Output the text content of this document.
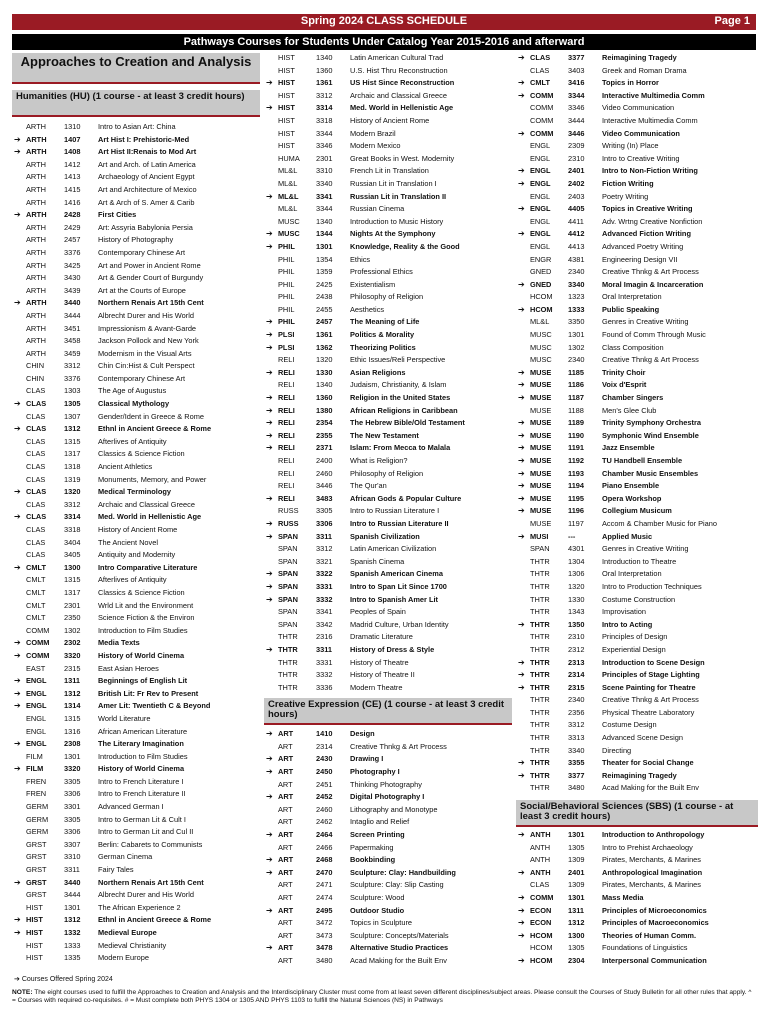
Spring 2024 CLASS SCHEDULE	Page 1
Pathways Courses for Students Under Catalog Year 2015-2016 and afterward
Approaches to Creation and Analysis
Humanities (HU) (1 course - at least 3 credit hours)
ARTH	1310	Intro to Asian Art: China
➔ ARTH	1407	Art Hist I: Prehistoric-Med
➔ ARTH	1408	Art Hist II:Renais to Mod Art
ARTH	1412	Art and Arch. of Latin America
ARTH	1413	Archaeology of Ancient Egypt
ARTH	1415	Art and Architecture of Mexico
ARTH	1416	Art & Arch of S. Amer & Carib
➔ ARTH	2428	First Cities
ARTH	2429	Art: Assyria Babylonia Persia
ARTH	2457	History of Photography
ARTH	3376	Contemporary Chinese Art
ARTH	3425	Art and Power in Ancient Rome
ARTH	3430	Art & Gender Court of Burgundy
ARTH	3439	Art at the Courts of Europe
➔ ARTH	3440	Northern Renais Art 15th Cent
ARTH	3444	Albrecht Durer and His World
ARTH	3451	Impressionism & Avant-Garde
ARTH	3458	Jackson Pollock and New York
ARTH	3459	Modernism in the Visual Arts
CHIN	3312	Chin Cin:Hist & Cult Perspect
CHIN	3376	Contemporary Chinese Art
CLAS	1303	The Age of Augustus
➔ CLAS	1305	Classical Mythology
CLAS	1307	Gender/Ident in Greece & Rome
➔ CLAS	1312	Ethnl in Ancient Greece & Rome
CLAS	1315	Afterlives of Antiquity
CLAS	1317	Classics & Science Fiction
CLAS	1318	Ancient Athletics
CLAS	1319	Monuments, Memory, and Power
➔ CLAS	1320	Medical Terminology
CLAS	3312	Archaic and Classical Greece
➔ CLAS	3314	Med. World in Hellenistic Age
CLAS	3318	History of Ancient Rome
CLAS	3404	The Ancient Novel
CLAS	3405	Antiquity and Modernity
➔ CMLT	1300	Intro Comparative Literature
CMLT	1315	Afterlives of Antiquity
CMLT	1317	Classics & Science Fiction
CMLT	2301	Wrld Lit and the Environment
CMLT	2350	Science Fiction & the Environ
COMM	1302	Introduction to Film Studies
➔ COMM	2302	Media Texts
➔ COMM	3320	History of World Cinema
EAST	2315	East Asian Heroes
➔ ENGL	1311	Beginnings of English Lit
➔ ENGL	1312	British Lit: Fr Rev to Present
➔ ENGL	1314	Amer Lit: Twentieth C & Beyond
ENGL	1315	World Literature
ENGL	1316	African American Literature
➔ ENGL	2308	The Literary Imagination
FILM	1301	Introduction to Film Studies
➔ FILM	3320	History of World Cinema
FREN	3305	Intro to French Literature I
FREN	3306	Intro to French Literature II
GERM	3301	Advanced German I
GERM	3305	Intro to German Lit & Cult I
GERM	3306	Intro to German Lit and Cul II
GRST	3307	Berlin: Cabarets to Communists
GRST	3310	German Cinema
GRST	3311	Fairy Tales
➔ GRST	3440	Northern Renais Art 15th Cent
GRST	3444	Albrecht Durer and His World
HIST	1301	The African Experience 2
➔ HIST	1312	Ethnl in Ancient Greece & Rome
➔ HIST	1332	Medieval Europe
HIST	1333	Medieval Christianity
HIST	1335	Modern Europe
HIST	1340	Latin American Cultural Trad
HIST	1360	U.S. Hist Thru Reconstruction
➔ HIST	1361	US Hist Since Reconstruction
HIST	3312	Archaic and Classical Greece
➔ HIST	3314	Med. World in Hellenistic Age
HIST	3318	History of Ancient Rome
HIST	3344	Modern Brazil
HIST	3346	Modern Mexico
HUMA	2301	Great Books in West. Modernity
ML&L	3310	French Lit in Translation
ML&L	3340	Russian Lit in Translation I
➔ ML&L	3341	Russian Lit in Translation II
ML&L	3344	Russian Cinema
MUSC	1340	Introduction to Music History
➔ MUSC	1344	Nights At the Symphony
➔ PHIL	1301	Knowledge, Reality & the Good
PHIL	1354	Ethics
PHIL	1359	Professional Ethics
PHIL	2425	Existentialism
PHIL	2438	Philosophy of Religion
PHIL	2455	Aesthetics
➔ PHIL	2457	The Meaning of Life
➔ PLSI	1361	Politics & Morality
➔ PLSI	1362	Theorizing Politics
RELI	1320	Ethic Issues/Reli Perspective
➔ RELI	1330	Asian Religions
RELI	1340	Judaism, Christianity, & Islam
➔ RELI	1360	Religion in the United States
➔ RELI	1380	African Religions in Caribbean
➔ RELI	2354	The Hebrew Bible/Old Testament
➔ RELI	2355	The New Testament
➔ RELI	2371	Islam: From Mecca to Malala
RELI	2400	What is Religion?
RELI	2460	Philosophy of Religion
RELI	3446	The Qur'an
➔ RELI	3483	African Gods & Popular Culture
RUSS	3305	Intro to Russian Literature I
➔ RUSS	3306	Intro to Russian Literature II
➔ SPAN	3311	Spanish Civilization
SPAN	3312	Latin American Civilization
SPAN	3321	Spanish Cinema
➔ SPAN	3322	Spanish American Cinema
➔ SPAN	3331	Intro to Span Lit Since 1700
➔ SPAN	3332	Intro to Spanish Amer Lit
SPAN	3341	Peoples of Spain
SPAN	3342	Madrid Culture, Urban Identity
THTR	2316	Dramatic Literature
➔ THTR	3311	History of Dress & Style
THTR	3331	History of Theatre
THTR	3332	History of Theatre II
THTR	3336	Modern Theatre
Creative Expression (CE) (1 course - at least 3 credit hours)
➔ ART	1410	Design
ART	2314	Creative Thnkg & Art Process
➔ ART	2430	Drawing I
➔ ART	2450	Photography I
ART	2451	Thinking Photography
➔ ART	2452	Digital Photography I
ART	2460	Lithography and Monotype
ART	2462	Intaglio and Relief
➔ ART	2464	Screen Printing
ART	2466	Papermaking
➔ ART	2468	Bookbinding
➔ ART	2470	Sculpture: Clay: Handbuilding
ART	2471	Sculpture: Clay: Slip Casting
ART	2474	Sculpture: Wood
➔ ART	2495	Outdoor Studio
ART	3472	Topics in Sculpture
ART	3473	Sculpture: Concepts/Materials
➔ ART	3478	Alternative Studio Practices
ART	3480	Acad Making for the Built Env
➔ CLAS	3377	Reimagining Tragedy
CLAS	3403	Greek and Roman Drama
➔ CMLT	3416	Topics in Horror
➔ COMM	3344	Interactive Multimedia Comm
COMM	3346	Video Communication
COMM	3444	Interactive Multimedia Comm
➔ COMM	3446	Video Communication
ENGL	2309	Writing (In) Place
ENGL	2310	Intro to Creative Writing
➔ ENGL	2401	Intro to Non-Fiction Writing
➔ ENGL	2402	Fiction Writing
ENGL	2403	Poetry Writing
➔ ENGL	4405	Topics in Creative Writing
ENGL	4411	Adv. Wrtng Creative Nonfiction
➔ ENGL	4412	Advanced Fiction Writing
ENGL	4413	Advanced Poetry Writing
ENGR	4381	Engineering Design VII
GNED	2340	Creative Thnkg & Art Process
➔ GNED	3340	Moral Imagin & Incarceration
HCOM	1323	Oral Interpretation
➔ HCOM	1333	Public Speaking
ML&L	3350	Genres in Creative Writing
MUSC	1301	Found of Comm Through Music
MUSC	1302	Class Composition
MUSC	2340	Creative Thnkg & Art Process
➔ MUSE	1185	Trinity Choir
➔ MUSE	1186	Voix d'Esprit
➔ MUSE	1187	Chamber Singers
MUSE	1188	Men's Glee Club
➔ MUSE	1189	Trinity Symphony Orchestra
➔ MUSE	1190	Symphonic Wind Ensemble
➔ MUSE	1191	Jazz Ensemble
➔ MUSE	1192	TU Handbell Ensemble
➔ MUSE	1193	Chamber Music Ensembles
➔ MUSE	1194	Piano Ensemble
➔ MUSE	1195	Opera Workshop
➔ MUSE	1196	Collegium Musicum
MUSE	1197	Accom & Chamber Music for Piano
➔ MUSI	---	Applied Music
SPAN	4301	Genres in Creative Writing
THTR	1304	Introduction to Theatre
THTR	1306	Oral Interpretation
THTR	1320	Intro to Production Techniques
THTR	1330	Costume Construction
THTR	1343	Improvisation
➔ THTR	1350	Intro to Acting
THTR	2310	Principles of Design
THTR	2312	Experiential Design
➔ THTR	2313	Introduction to Scene Design
➔ THTR	2314	Principles of Stage Lighting
➔ THTR	2315	Scene Painting for Theatre
THTR	2340	Creative Thnkg & Art Process
THTR	2356	Physical Theatre Laboratory
THTR	3312	Costume Design
THTR	3313	Advanced Scene Design
THTR	3340	Directing
➔ THTR	3355	Theater for Social Change
➔ THTR	3377	Reimagining Tragedy
THTR	3480	Acad Making for the Built Env
Social/Behavioral Sciences (SBS) (1 course - at least 3 credit hours)
➔ ANTH	1301	Introduction to Anthropology
ANTH	1305	Intro to Prehist Archaeology
ANTH	1309	Pirates, Merchants, & Marines
➔ ANTH	2401	Anthropological Imagination
CLAS	1309	Pirates, Merchants, & Marines
➔ COMM	1301	Mass Media
➔ ECON	1311	Principles of Microeconomics
➔ ECON	1312	Principles of Macroeconomics
➔ HCOM	1300	Theories of Human Comm.
HCOM	1305	Foundations of Linguistics
➔ HCOM	2304	Interpersonal Communication
➔ Courses Offered Spring 2024
NOTE: The eight courses used to fulfill the Approaches to Creation and Analysis and the Interdisciplinary Cluster must come from at least seven different disciplines/subject areas. Please consult the Courses of Study Bulletin for all other rules that apply. ^ = Courses with required co-requisites. # = Must complete both PHYS 1304 or 1305 AND PHYS 1103 to fulfill the Natural Sciences (NS) in Pathways
